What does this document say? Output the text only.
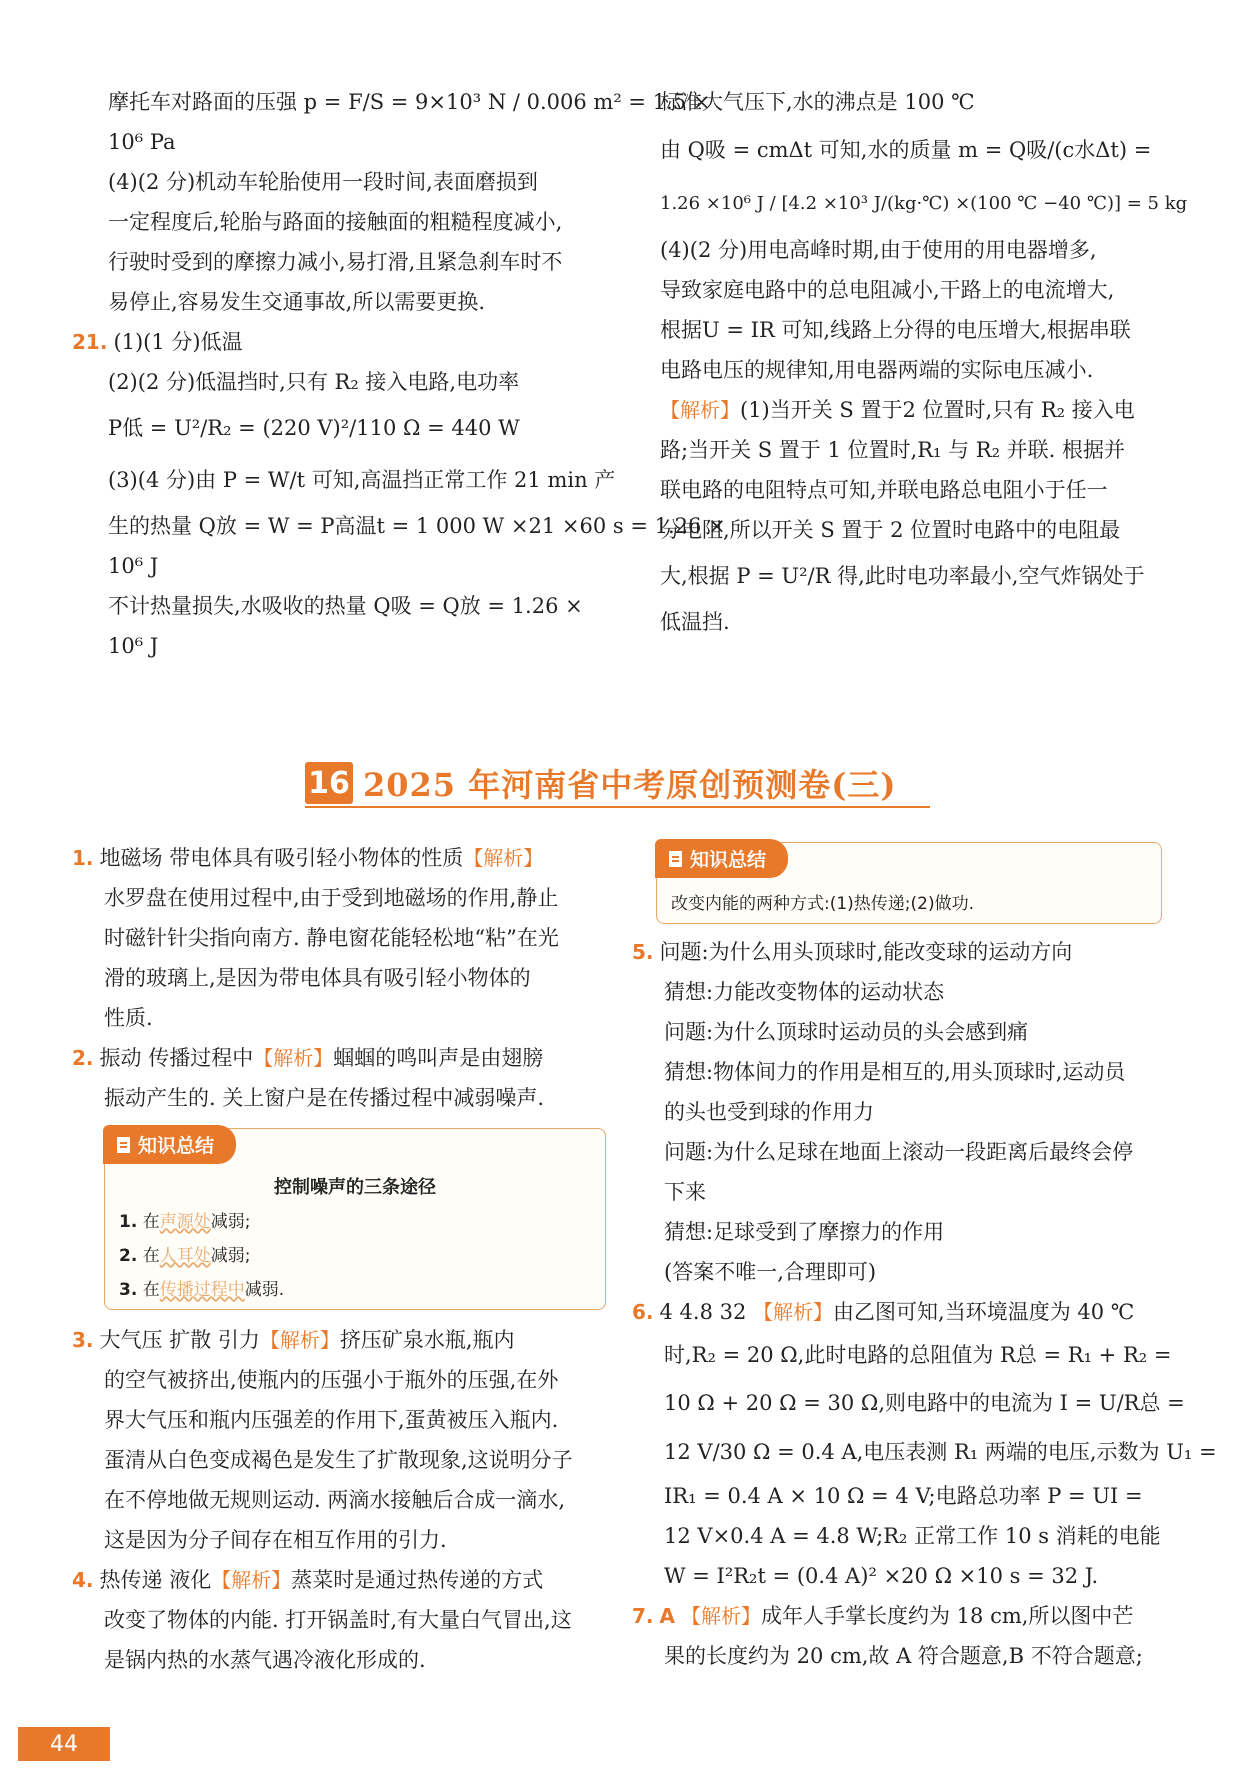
摩托车对路面的压强 p = F/S = 9×10³ N / 0.006 m² = 1.5 ×
10⁶ Pa
(4)(2 分)机动车轮胎使用一段时间,表面磨损到
一定程度后,轮胎与路面的接触面的粗糙程度减小,
行驶时受到的摩擦力减小,易打滑,且紧急刹车时不
易停止,容易发生交通事故,所以需要更换.
21. (1)(1 分)低温
(2)(2 分)低温挡时,只有 R₂ 接入电路,电功率
P低 = U²/R₂ = (220 V)²/110 Ω = 440 W
(3)(4 分)由 P = W/t 可知,高温挡正常工作 21 min 产
生的热量 Q放 = W = P高温t = 1 000 W ×21 ×60 s = 1.26 ×
10⁶ J
不计热量损失,水吸收的热量 Q吸 = Q放 = 1.26 ×
10⁶ J
标准大气压下,水的沸点是 100 ℃
由 Q吸 = cmΔt 可知,水的质量 m = Q吸/(c水Δt) =
1.26 ×10⁶ J / [4.2 ×10³ J/(kg·℃) ×(100 ℃ −40 ℃)] = 5 kg
(4)(2 分)用电高峰时期,由于使用的用电器增多,
导致家庭电路中的总电阻减小,干路上的电流增大,
根据U = IR 可知,线路上分得的电压增大,根据串联
电路电压的规律知,用电器两端的实际电压减小.
【解析】(1)当开关 S 置于2 位置时,只有 R₂ 接入电
路;当开关 S 置于 1 位置时,R₁ 与 R₂ 并联. 根据并
联电路的电阻特点可知,并联电路总电阻小于任一
分电阻,所以开关 S 置于 2 位置时电路中的电阻最
大,根据 P = U²/R 得,此时电功率最小,空气炸锅处于
低温挡.
16 2025 年河南省中考原创预测卷(三)
1. 地磁场 带电体具有吸引轻小物体的性质【解析】
水罗盘在使用过程中,由于受到地磁场的作用,静止
时磁针针尖指向南方. 静电窗花能轻松地“粘”在光
滑的玻璃上,是因为带电体具有吸引轻小物体的
性质.
2. 振动 传播过程中【解析】蝈蝈的鸣叫声是由翅膀
振动产生的. 关上窗户是在传播过程中减弱噪声.
知识总结
控制噪声的三条途径
1. 在声源处减弱;
2. 在人耳处减弱;
3. 在传播过程中减弱.
3. 大气压 扩散 引力【解析】挤压矿泉水瓶,瓶内
的空气被挤出,使瓶内的压强小于瓶外的压强,在外
界大气压和瓶内压强差的作用下,蛋黄被压入瓶内.
蛋清从白色变成褐色是发生了扩散现象,这说明分子
在不停地做无规则运动. 两滴水接触后合成一滴水,
这是因为分子间存在相互作用的引力.
4. 热传递 液化【解析】蒸菜时是通过热传递的方式
改变了物体的内能. 打开锅盖时,有大量白气冒出,这
是锅内热的水蒸气遇冷液化形成的.
知识总结
改变内能的两种方式:(1)热传递;(2)做功.
5. 问题:为什么用头顶球时,能改变球的运动方向
猜想:力能改变物体的运动状态
问题:为什么顶球时运动员的头会感到痛
猜想:物体间力的作用是相互的,用头顶球时,运动员
的头也受到球的作用力
问题:为什么足球在地面上滚动一段距离后最终会停
下来
猜想:足球受到了摩擦力的作用
(答案不唯一,合理即可)
6. 4 4.8 32 【解析】由乙图可知,当环境温度为 40 ℃
时,R₂ = 20 Ω,此时电路的总阻值为 R总 = R₁ + R₂ =
10 Ω + 20 Ω = 30 Ω,则电路中的电流为 I = U/R总 =
12 V/30 Ω = 0.4 A,电压表测 R₁ 两端的电压,示数为 U₁ =
IR₁ = 0.4 A × 10 Ω = 4 V;电路总功率 P = UI =
12 V×0.4 A = 4.8 W;R₂ 正常工作 10 s 消耗的电能
W = I²R₂t = (0.4 A)² ×20 Ω ×10 s = 32 J.
7. A 【解析】成年人手掌长度约为 18 cm,所以图中芒
果的长度约为 20 cm,故 A 符合题意,B 不符合题意;
44
